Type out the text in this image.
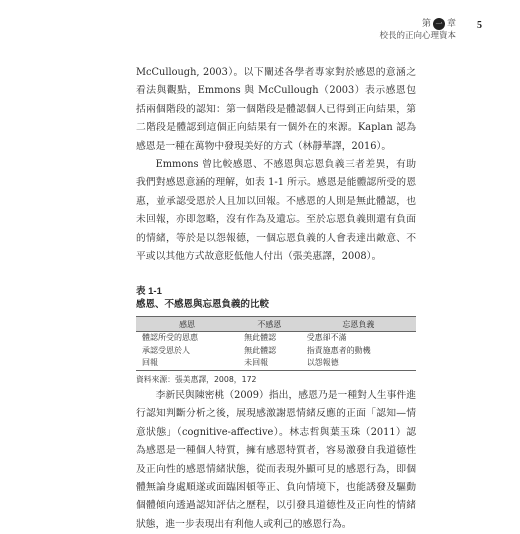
第 一 章
校長的正向心理資本
5

McCullough, 2003）。以下闡述各學者專家對於感恩的意涵之看法與觀點，Emmons 與 McCullough（2003）表示感恩包括兩個階段的認知：第一個階段是體認個人已得到正向結果，第二階段是體認到這個正向結果有一個外在的來源。Kaplan 認為感恩是一種在萬物中發現美好的方式（林靜華譯，2016）。

Emmons 曾比較感恩、不感恩與忘恩負義三者差異，有助我們對感恩意涵的理解，如表 1-1 所示。感恩是能體認所受的恩惠，並承認受恩於人且加以回報。不感恩的人則是無此體認，也未回報，亦即忽略，沒有作為及遺忘。至於忘恩負義則還有負面的情緒，等於是以怨報德，一個忘恩負義的人會表達出敵意、不平或以其他方式故意貶低他人付出（張美惠譯，2008）。

表 1-1
感恩、不感恩與忘恩負義的比較
感恩	不感恩	忘恩負義
體認所受的恩惠	無此體認	受惠卻不滿
承認受恩於人	無此體認	指責施惠者的動機
回報	未回報	以怨報德
資料來源：張美惠譯，2008，172

李新民與陳密桃（2009）指出，感恩乃是一種對人生事件進行認知判斷分析之後，展現感激謝恩情緒反應的正面「認知—情意狀態」（cognitive-affective）。林志哲與葉玉珠（2011）認為感恩是一種個人特質，擁有感恩特質者，容易激發自我道德性及正向性的感恩情緒狀態，從而表現外顯可見的感恩行為，即個體無論身處順遂或面臨困頓等正、負向情境下，也能誘發及驅動個體傾向透過認知評估之歷程，以引發具道德性及正向性的情緒狀態，進一步表現出有利他人或利己的感恩行為。
